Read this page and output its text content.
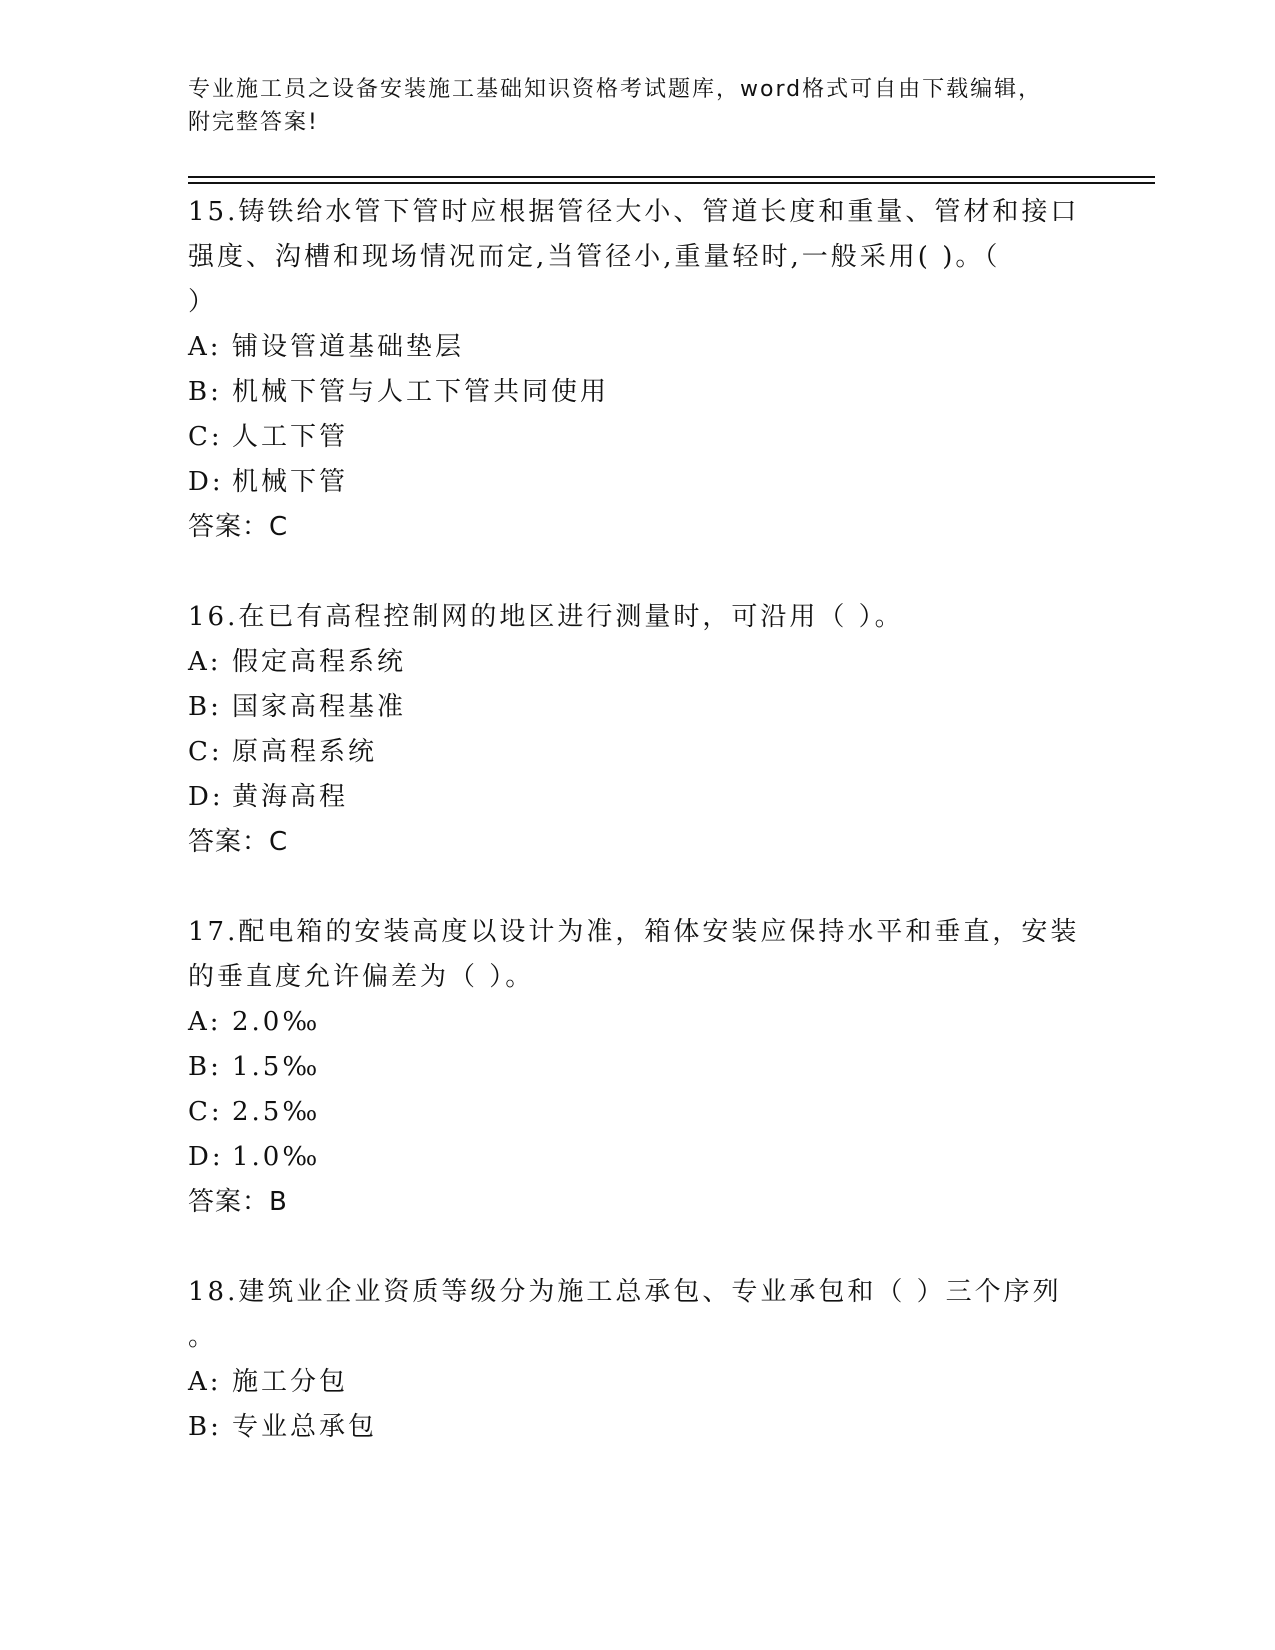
专业施工员之设备安装施工基础知识资格考试题库，word格式可自由下载编辑，
附完整答案!
15.铸铁给水管下管时应根据管径大小、管道长度和重量、管材和接口
强度、沟槽和现场情况而定,当管径小,重量轻时,一般采用( )。（
）
A: 铺设管道基础垫层
B: 机械下管与人工下管共同使用
C: 人工下管
D: 机械下管
答案：C
16.在已有高程控制网的地区进行测量时，可沿用（ ）。
A: 假定高程系统
B: 国家高程基准
C: 原高程系统
D: 黄海高程
答案：C
17.配电箱的安装高度以设计为准，箱体安装应保持水平和垂直，安装
的垂直度允许偏差为（ ）。
A: 2.0‰
B: 1.5‰
C: 2.5‰
D: 1.0‰
答案：B
18.建筑业企业资质等级分为施工总承包、专业承包和（ ）三个序列
。
A: 施工分包
B: 专业总承包
